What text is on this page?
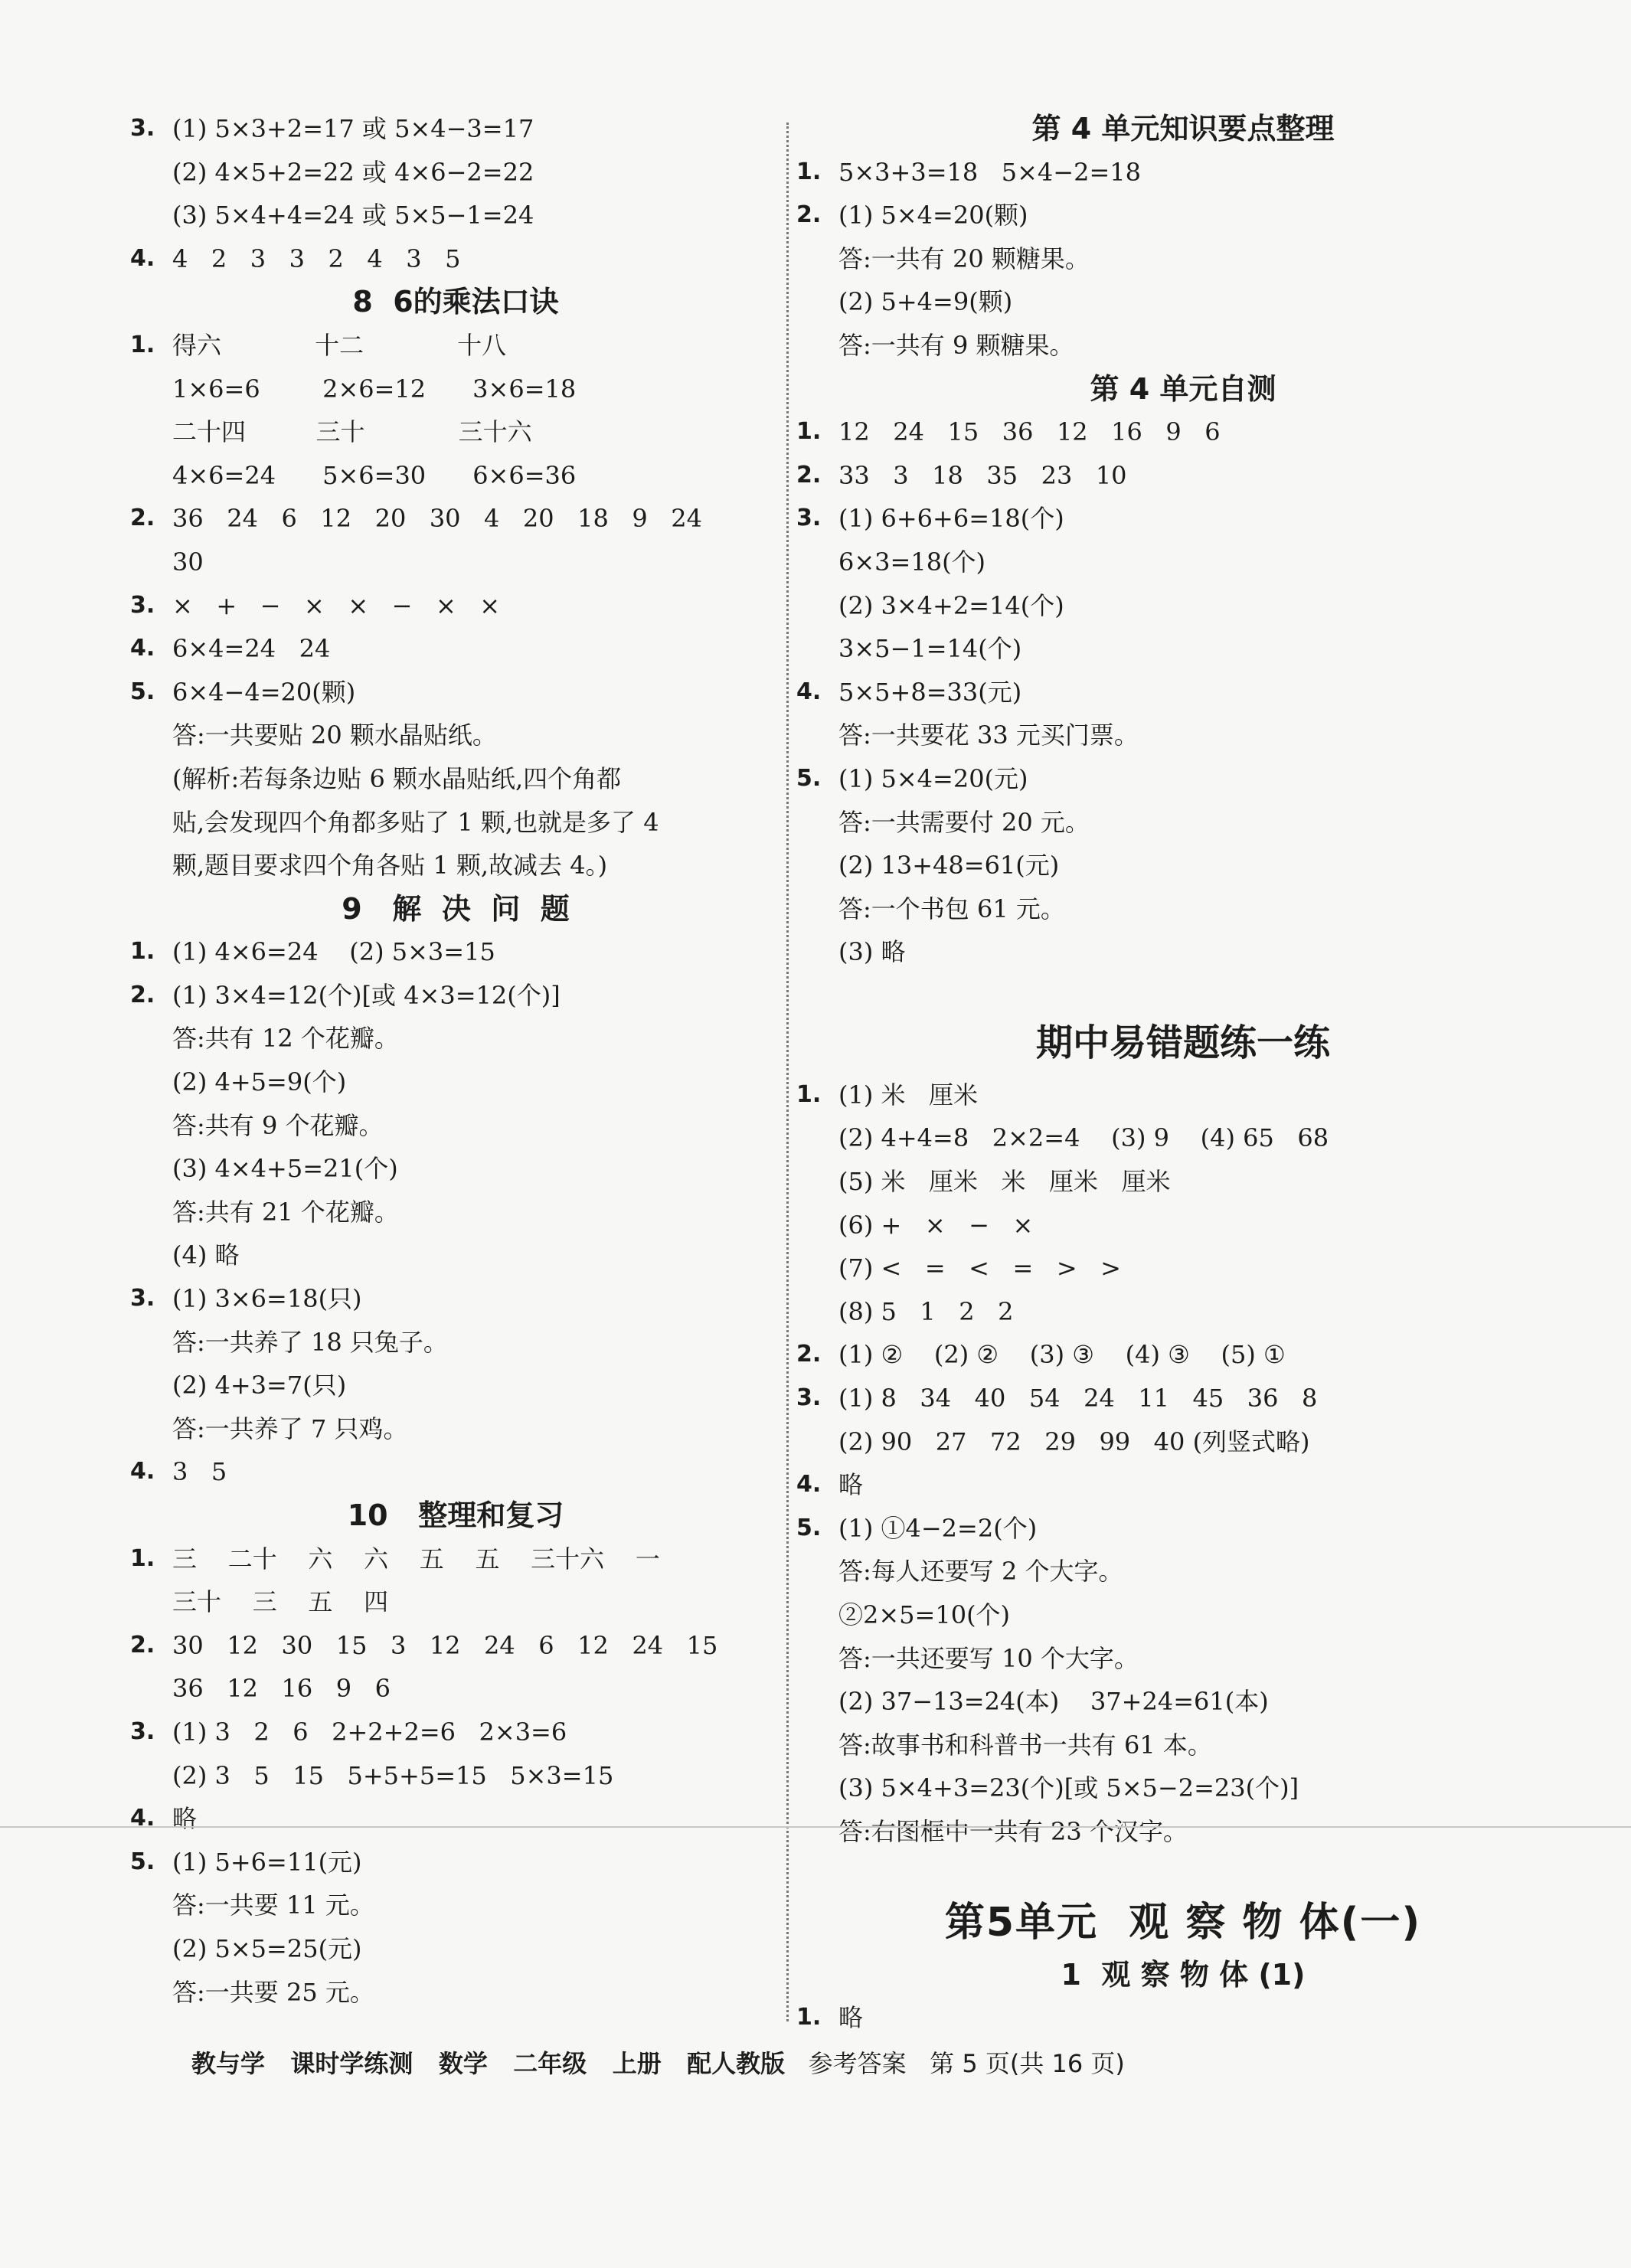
3. (1) 5×3+2=17 或 5×4−3=17
(2) 4×5+2=22 或 4×6−2=22
(3) 5×4+4=24 或 5×5−1=24
4. 4   2   3   3   2   4   3   5
8  6的乘法口诀
1. 得六            十二            十八
1×6=6        2×6=12      3×6=18
二十四         三十            三十六
4×6=24      5×6=30      6×6=36
2. 36   24   6   12   20   30   4   20   18   9   24
30
3. ×   +   −   ×   ×   −   ×   ×
4. 6×4=24   24
5. 6×4−4=20(颗)
答:一共要贴 20 颗水晶贴纸。
(解析:若每条边贴 6 颗水晶贴纸,四个角都
贴,会发现四个角都多贴了 1 颗,也就是多了 4
颗,题目要求四个角各贴 1 颗,故减去 4。)
9   解  决  问  题
1. (1) 4×6=24    (2) 5×3=15
2. (1) 3×4=12(个)[或 4×3=12(个)]
答:共有 12 个花瓣。
(2) 4+5=9(个)
答:共有 9 个花瓣。
(3) 4×4+5=21(个)
答:共有 21 个花瓣。
(4) 略
3. (1) 3×6=18(只)
答:一共养了 18 只兔子。
(2) 4+3=7(只)
答:一共养了 7 只鸡。
4. 3   5
10   整理和复习
1. 三    二十    六    六    五    五    三十六    一
三十    三    五    四
2. 30   12   30   15   3   12   24   6   12   24   15
36   12   16   9   6
3. (1) 3   2   6   2+2+2=6   2×3=6
(2) 3   5   15   5+5+5=15   5×3=15
4. 略
5. (1) 5+6=11(元)
答:一共要 11 元。
(2) 5×5=25(元)
答:一共要 25 元。
第 4 单元知识要点整理
1. 5×3+3=18   5×4−2=18
2. (1) 5×4=20(颗)
答:一共有 20 颗糖果。
(2) 5+4=9(颗)
答:一共有 9 颗糖果。
第 4 单元自测
1. 12   24   15   36   12   16   9   6
2. 33   3   18   35   23   10
3. (1) 6+6+6=18(个)
6×3=18(个)
(2) 3×4+2=14(个)
3×5−1=14(个)
4. 5×5+8=33(元)
答:一共要花 33 元买门票。
5. (1) 5×4=20(元)
答:一共需要付 20 元。
(2) 13+48=61(元)
答:一个书包 61 元。
(3) 略
期中易错题练一练
1. (1) 米   厘米
(2) 4+4=8   2×2=4    (3) 9    (4) 65   68
(5) 米   厘米   米   厘米   厘米
(6) +   ×   −   ×
(7) <   =   <   =   >   >
(8) 5   1   2   2
2. (1) ②    (2) ②    (3) ③    (4) ③    (5) ①
3. (1) 8   34   40   54   24   11   45   36   8
(2) 90   27   72   29   99   40 (列竖式略)
4. 略
5. (1) ①4−2=2(个)
答:每人还要写 2 个大字。
②2×5=10(个)
答:一共还要写 10 个大字。
(2) 37−13=24(本)    37+24=61(本)
答:故事书和科普书一共有 61 本。
(3) 5×4+3=23(个)[或 5×5−2=23(个)]
答:右图框中一共有 23 个汉字。
第5单元  观 察 物 体(一)
1  观 察 物 体 (1)
1. 略
教与学   课时学练测   数学   二年级   上册   配人教版   参考答案   第 5 页(共 16 页)
